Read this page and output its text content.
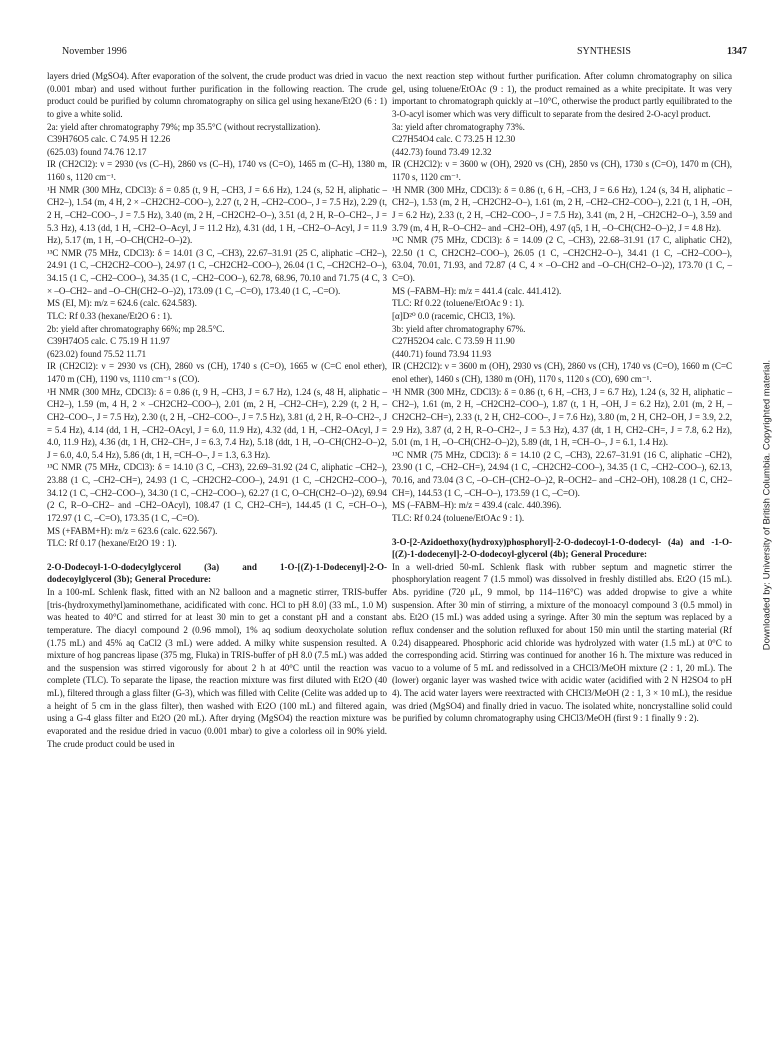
November 1996	SYNTHESIS	1347

layers dried (MgSO4). After evaporation of the solvent, the crude product was dried in vacuo (0.001 mbar) and used without further purification in the following reaction. The crude product could be purified by column chromatography on silica gel using hexane/Et2O (6 : 1) to give a white solid.

2a: yield after chromatography 79%; mp 35.5°C (without recrystallization).

C39H76O5 calc. C 74.95 H 12.26

(625.03) found 74.76 12.17

IR (CH2Cl2): ν = 2930 (vs (C–H), 2860 vs (C–H), 1740 vs (C=O), 1465 m (C–H), 1380 m, 1160 s, 1120 cm⁻¹.

¹H NMR (300 MHz, CDCl3): δ = 0.85 (t, 9 H, –CH3, J = 6.6 Hz), 1.24 (s, 52 H, aliphatic –CH2–), 1.54 (m, 4 H, 2 × –CH2CH2–COO–), 2.27 (t, 2 H, –CH2–COO–, J = 7.5 Hz), 2.29 (t, 2 H, –CH2–COO–, J = 7.5 Hz), 3.40 (m, 2 H, –CH2CH2–O–), 3.51 (d, 2 H, R–O–CH2–, J = 5.3 Hz), 4.13 (dd, 1 H, –CH2–O–Acyl, J = 11.2 Hz), 4.31 (dd, 1 H, –CH2–O–Acyl, J = 11.9 Hz), 5.17 (m, 1 H, –O–CH(CH2–O–)2).

¹³C NMR (75 MHz, CDCl3): δ = 14.01 (3 C, –CH3), 22.67–31.91 (25 C, aliphatic –CH2–), 24.91 (1 C, –CH2CH2–COO–), 24.97 (1 C, –CH2CH2–COO–), 26.04 (1 C, –CH2CH2–O–), 34.15 (1 C, –CH2–COO–), 34.35 (1 C, –CH2–COO–), 62.78, 68.96, 70.10 and 71.75 (4 C, 3 × –O–CH2– and –O–CH(CH2–O–)2), 173.09 (1 C, –C=O), 173.40 (1 C, –C=O).

MS (EI, M): m/z = 624.6 (calc. 624.583).

TLC: Rf 0.33 (hexane/Et2O 6 : 1).

2b: yield after chromatography 66%; mp 28.5°C.

C39H74O5 calc. C 75.19 H 11.97

(623.02) found 75.52 11.71

IR (CH2Cl2): ν = 2930 vs (CH), 2860 vs (CH), 1740 s (C=O), 1665 w (C=C enol ether), 1470 m (CH), 1190 vs, 1110 cm⁻¹ s (CO).

¹H NMR (300 MHz, CDCl3): δ = 0.86 (t, 9 H, –CH3, J = 6.7 Hz), 1.24 (s, 48 H, aliphatic –CH2–), 1.59 (m, 4 H, 2 × –CH2CH2–COO–), 2.01 (m, 2 H, –CH2–CH=), 2.29 (t, 2 H, –CH2–COO–, J = 7.5 Hz), 2.30 (t, 2 H, –CH2–COO–, J = 7.5 Hz), 3.81 (d, 2 H, R–O–CH2–, J = 5.4 Hz), 4.14 (dd, 1 H, –CH2–OAcyl, J = 6.0, 11.9 Hz), 4.32 (dd, 1 H, –CH2–OAcyl, J = 4.0, 11.9 Hz), 4.36 (dt, 1 H, CH2–CH=, J = 6.3, 7.4 Hz), 5.18 (ddt, 1 H, –O–CH(CH2–O–)2, J = 6.0, 4.0, 5.4 Hz), 5.86 (dt, 1 H, =CH–O–, J = 1.3, 6.3 Hz).

¹³C NMR (75 MHz, CDCl3): δ = 14.10 (3 C, –CH3), 22.69–31.92 (24 C, aliphatic –CH2–), 23.88 (1 C, –CH2–CH=), 24.93 (1 C, –CH2CH2–COO–), 24.91 (1 C, –CH2CH2–COO–), 34.12 (1 C, –CH2–COO–), 34.30 (1 C, –CH2–COO–), 62.27 (1 C, O–CH(CH2–O–)2), 69.94 (2 C, R–O–CH2– and –CH2–OAcyl), 108.47 (1 C, CH2–CH=), 144.45 (1 C, =CH–O–), 172.97 (1 C, –C=O), 173.35 (1 C, –C=O).

MS (+FABM+H): m/z = 623.6 (calc. 622.567).

TLC: Rf 0.17 (hexane/Et2O 19 : 1).

2-O-Dodecoyl-1-O-dodecylglycerol (3a) and 1-O-[(Z)-1-Dodecenyl]-2-O-dodecoylglycerol (3b); General Procedure:

In a 100-mL Schlenk flask, fitted with an N2 balloon and a magnetic stirrer, TRIS-buffer [tris-(hydroxymethyl)aminomethane, acidificated with conc. HCl to pH 8.0] (33 mL, 1.0 M) was heated to 40°C and stirred for at least 30 min to get a constant pH and a constant temperature. The diacyl compound 2 (0.96 mmol), 1% aq sodium deoxycholate solution (1.75 mL) and 45% aq CaCl2 (3 mL) were added. A milky white suspension resulted. A mixture of hog pancreas lipase (375 mg, Fluka) in TRIS-buffer of pH 8.0 (7.5 mL) was added and the suspension was stirred vigorously for about 2 h at 40°C until the reaction was complete (TLC). To separate the lipase, the reaction mixture was first diluted with Et2O (40 mL), filtered through a glass filter (G-3), which was filled with Celite (Celite was added up to a height of 5 cm in the glass filter), then washed with Et2O (100 mL) and filtered again, using a G-4 glass filter and Et2O (20 mL). After drying (MgSO4) the reaction mixture was evaporated and the residue dried in vacuo (0.001 mbar) to give a colorless oil in 90% yield. The crude product could be used in

the next reaction step without further purification. After column chromatography on silica gel, using toluene/EtOAc (9 : 1), the product remained as a white precipitate. It was very important to chromatograph quickly at –10°C, otherwise the product partly equilibrated to the 3-O-acyl isomer which was very difficult to separate from the desired 2-O-acyl product.

3a: yield after chromatography 73%.

C27H54O4 calc. C 73.25 H 12.30

(442.73) found 73.49 12.32

IR (CH2Cl2): ν = 3600 w (OH), 2920 vs (CH), 2850 vs (CH), 1730 s (C=O), 1470 m (CH), 1170 s, 1120 cm⁻¹.

¹H NMR (300 MHz, CDCl3): δ = 0.86 (t, 6 H, –CH3, J = 6.6 Hz), 1.24 (s, 34 H, aliphatic –CH2–), 1.53 (m, 2 H, –CH2CH2–O–), 1.61 (m, 2 H, –CH2–CH2–COO–), 2.21 (t, 1 H, –OH, J = 6.2 Hz), 2.33 (t, 2 H, –CH2–COO–, J = 7.5 Hz), 3.41 (m, 2 H, –CH2CH2–O–), 3.59 and 3.79 (m, 4 H, R–O–CH2– and –CH2–OH), 4.97 (q5, 1 H, –O–CH(CH2–O–)2, J = 4.8 Hz).

¹³C NMR (75 MHz, CDCl3): δ = 14.09 (2 C, –CH3), 22.68–31.91 (17 C, aliphatic CH2), 22.50 (1 C, CH2CH2–COO–), 26.05 (1 C, –CH2CH2–O–), 34.41 (1 C, –CH2–COO–), 63.04, 70.01, 71.93, and 72.87 (4 C, 4 × –O–CH2 and –O–CH(CH2–O–)2), 173.70 (1 C, –C=O).

MS (–FABM–H): m/z = 441.4 (calc. 441.412).

TLC: Rf 0.22 (toluene/EtOAc 9 : 1).

[α]D²⁰ 0.0 (racemic, CHCl3, 1%).

3b: yield after chromatography 67%.

C27H52O4 calc. C 73.59 H 11.90

(440.71) found 73.94 11.93

IR (CH2Cl2): ν = 3600 m (OH), 2930 vs (CH), 2860 vs (CH), 1740 vs (C=O), 1660 m (C=C enol ether), 1460 s (CH), 1380 m (OH), 1170 s, 1120 s (CO), 690 cm⁻¹.

¹H NMR (300 MHz, CDCl3): δ = 0.86 (t, 6 H, –CH3, J = 6.7 Hz), 1.24 (s, 32 H, aliphatic –CH2–), 1.61 (m, 2 H, –CH2CH2–COO–), 1.87 (t, 1 H, –OH, J = 6.2 Hz), 2.01 (m, 2 H, –CH2CH2–CH=), 2.33 (t, 2 H, CH2–COO–, J = 7.6 Hz), 3.80 (m, 2 H, CH2–OH, J = 3.9, 2.2, 2.9 Hz), 3.87 (d, 2 H, R–O–CH2–, J = 5.3 Hz), 4.37 (dt, 1 H, CH2–CH=, J = 7.8, 6.2 Hz), 5.01 (m, 1 H, –O–CH(CH2–O–)2), 5.89 (dt, 1 H, =CH–O–, J = 6.1, 1.4 Hz).

¹³C NMR (75 MHz, CDCl3): δ = 14.10 (2 C, –CH3), 22.67–31.91 (16 C, aliphatic –CH2), 23.90 (1 C, –CH2–CH=), 24.94 (1 C, –CH2CH2–COO–), 34.35 (1 C, –CH2–COO–), 62.13, 70.16, and 73.04 (3 C, –O–CH–(CH2–O–)2, R–OCH2– and –CH2–OH), 108.28 (1 C, CH2–CH=), 144.53 (1 C, –CH–O–), 173.59 (1 C, –C=O).

MS (–FABM–H): m/z = 439.4 (calc. 440.396).

TLC: Rf 0.24 (toluene/EtOAc 9 : 1).

3-O-[2-Azidoethoxy(hydroxy)phosphoryl]-2-O-dodecoyl-1-O-dodecyl- (4a) and -1-O-[(Z)-1-dodecenyl]-2-O-dodecoyl-glycerol (4b); General Procedure:

In a well-dried 50-mL Schlenk flask with rubber septum and magnetic stirrer the phosphorylation reagent 7 (1.5 mmol) was dissolved in freshly distilled abs. Et2O (15 mL). Abs. pyridine (720 μL, 9 mmol, bp 114–116°C) was added dropwise to give a white suspension. After 30 min of stirring, a mixture of the monoacyl compound 3 (0.5 mmol) in abs. Et2O (15 mL) was added using a syringe. After 30 min the septum was replaced by a reflux condenser and the solution refluxed for about 150 min until the starting material (Rf 0.24) disappeared. Phosphoric acid chloride was hydrolyzed with water (1.5 mL) at 0°C to the corresponding acid. Stirring was continued for another 16 h. The mixture was reduced in vacuo to a volume of 5 mL and redissolved in a CHCl3/MeOH mixture (2 : 1, 20 mL). The (lower) organic layer was washed twice with acidic water (acidified with 2 N H2SO4 to pH 4). The acid water layers were reextracted with CHCl3/MeOH (2 : 1, 3 × 10 mL), the residue was dried (MgSO4) and finally dried in vacuo. The isolated white, noncrystalline solid could be purified by column chromatography using CHCl3/MeOH (first 9 : 1 finally 9 : 2).

Downloaded by: University of British Columbia. Copyrighted material.
